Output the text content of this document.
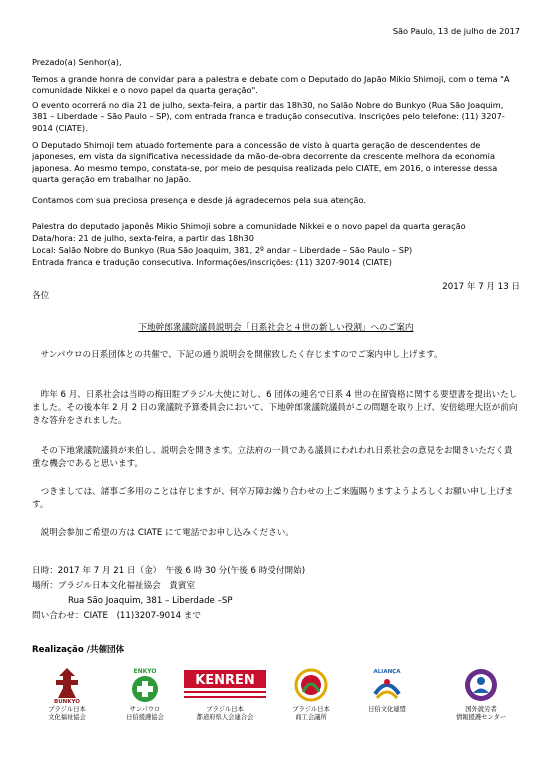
São Paulo, 13 de julho de 2017

Prezado(a) Senhor(a),

Temos a grande honra de convidar para a palestra e debate com o Deputado do Japão Mikio Shimoji, com o tema "A comunidade Nikkei e o novo papel da quarta geração".

O evento ocorrerá no dia 21 de julho, sexta-feira, a partir das 18h30, no Salão Nobre do Bunkyo (Rua São Joaquim, 381 – Liberdade – São Paulo – SP), com entrada franca e tradução consecutiva. Inscrições pelo telefone: (11) 3207-9014 (CIATE).

O Deputado Shimoji tem atuado fortemente para a concessão de visto à quarta geração de descendentes de japoneses, em vista da significativa necessidade da mão-de-obra decorrente da crescente melhora da economia japonesa. Ao mesmo tempo, constata-se, por meio de pesquisa realizada pelo CIATE, em 2016, o interesse dessa quarta geração em trabalhar no Japão.

Contamos com sua preciosa presença e desde já agradecemos pela sua atenção.

Palestra do deputado japonês Mikio Shimoji sobre a comunidade Nikkei e o novo papel da quarta geração

Data/hora: 21 de julho, sexta-feira, a partir das 18h30

Local: Salão Nobre do Bunkyo (Rua São Joaquim, 381, 2º andar – Liberdade – São Paulo – SP)

Entrada franca e tradução consecutiva. Informações/inscrições: (11) 3207-9014 (CIATE)

各位

2017 年 7 月 13 日

下地幹郎衆議院議員説明会「日系社会と４世の新しい役割」へのご案内

サンパウロの日系団体との共催で、下記の通り説明会を開催致したく存じますのでご案内申し上げます。

昨年 6 月、日系社会は当時の梅田駐ブラジル大使に対し、6 団体の連名で日系 4 世の在留資格に関する要望書を提出いたしました。その後本年 2 月 2 日の衆議院予算委員会において、下地幹郎衆議院議員がこの問題を取り上げ、安倍総理大臣が前向きな答弁をされました。

その下地衆議院議員が来伯し、説明会を開きます。立法府の一員である議員にわれわれ日系社会の意見をお聞きいただく貴重な機会であると思います。

つきましては、諸事ご多用のことは存じますが、何卒万障お繰り合わせの上ご来臨賜りますようよろしくお願い申し上げます。

説明会参加ご希望の方は CIATE にて電話でお申し込みください。

日時：2017 年 7 月 21 日（金）　午後 6 時 30 分(午後 6 時受付開始)

場所：ブラジル日本文化福祉協会　貴賓室

Rua São Joaquim, 381 – Liberdade –SP

問い合わせ：CIATE　(11)3207-9014 まで

Realização /共催団体

BUNKYO
ブラジル日本
文化福祉協会
ENKYO
サンパウロ
日伯援護協会
KENREN
ブラジル日本
都道府県人会連合会
ブラジル日本
商工会議所
ALIANÇA
日伯文化連盟	国外就労者
情報援護センター
